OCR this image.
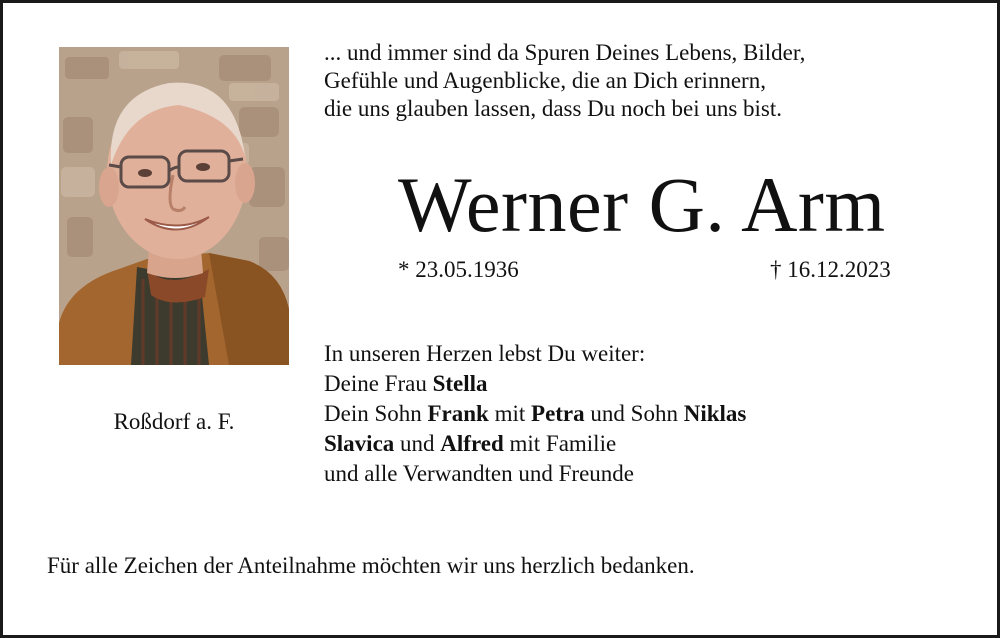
Roßdorf a. F.
... und immer sind da Spuren Deines Lebens, Bilder,
Gefühle und Augenblicke, die an Dich erinnern,
die uns glauben lassen, dass Du noch bei uns bist.
Werner G. Arm
* 23.05.1936	† 16.12.2023
In unseren Herzen lebst Du weiter:
Deine Frau Stella
Dein Sohn Frank mit Petra und Sohn Niklas
Slavica und Alfred mit Familie
und alle Verwandten und Freunde
Für alle Zeichen der Anteilnahme möchten wir uns herzlich bedanken.
